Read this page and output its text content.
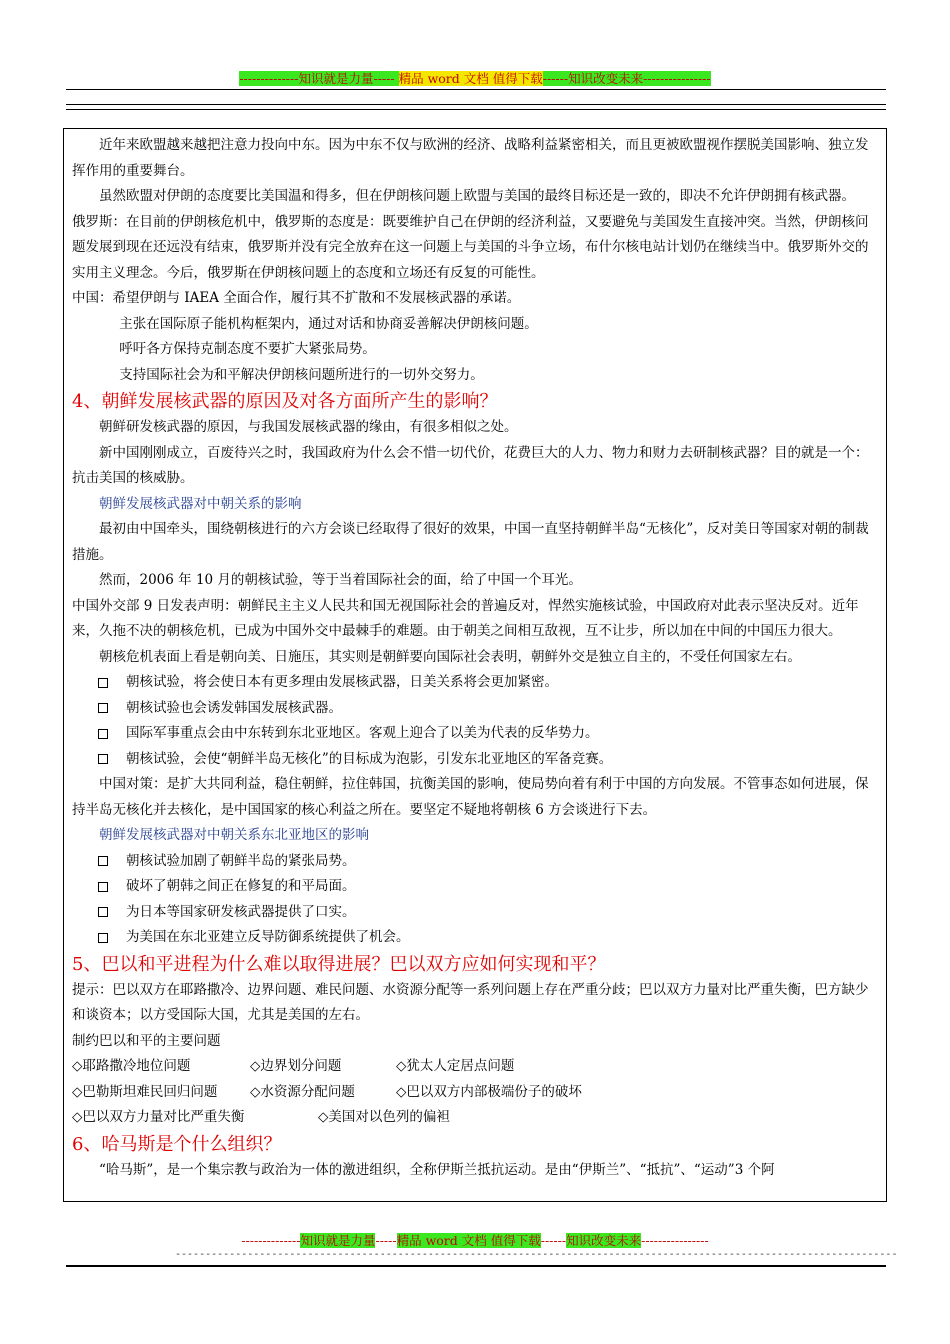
--------------知识就是力量----- 精品 word 文档 值得下载------知识改变未来----------------

近年来欧盟越来越把注意力投向中东。因为中东不仅与欧洲的经济、战略利益紧密相关，而且更被欧盟视作摆脱美国影响、独立发挥作用的重要舞台。

虽然欧盟对伊朗的态度要比美国温和得多，但在伊朗核问题上欧盟与美国的最终目标还是一致的，即决不允许伊朗拥有核武器。

俄罗斯：在目前的伊朗核危机中，俄罗斯的态度是：既要维护自己在伊朗的经济利益，又要避免与美国发生直接冲突。当然，伊朗核问题发展到现在还远没有结束，俄罗斯并没有完全放弃在这一问题上与美国的斗争立场，布什尔核电站计划仍在继续当中。俄罗斯外交的实用主义理念。今后，俄罗斯在伊朗核问题上的态度和立场还有反复的可能性。

中国：希望伊朗与 IAEA 全面合作，履行其不扩散和不发展核武器的承诺。

主张在国际原子能机构框架内，通过对话和协商妥善解决伊朗核问题。

呼吁各方保持克制态度不要扩大紧张局势。

支持国际社会为和平解决伊朗核问题所进行的一切外交努力。

4、朝鲜发展核武器的原因及对各方面所产生的影响？

朝鲜研发核武器的原因，与我国发展核武器的缘由，有很多相似之处。

新中国刚刚成立，百废待兴之时，我国政府为什么会不惜一切代价，花费巨大的人力、物力和财力去研制核武器？目的就是一个：抗击美国的核威胁。

朝鲜发展核武器对中朝关系的影响

最初由中国牵头，围绕朝核进行的六方会谈已经取得了很好的效果，中国一直坚持朝鲜半岛“无核化”，反对美日等国家对朝的制裁措施。

然而，2006 年 10 月的朝核试验，等于当着国际社会的面，给了中国一个耳光。

中国外交部 9 日发表声明：朝鲜民主主义人民共和国无视国际社会的普遍反对，悍然实施核试验，中国政府对此表示坚决反对。近年来，久拖不决的朝核危机，已成为中国外交中最棘手的难题。由于朝美之间相互敌视，互不让步，所以加在中间的中国压力很大。

朝核危机表面上看是朝向美、日施压，其实则是朝鲜要向国际社会表明，朝鲜外交是独立自主的，不受任何国家左右。

朝核试验，将会使日本有更多理由发展核武器，日美关系将会更加紧密。
朝核试验也会诱发韩国发展核武器。
国际军事重点会由中东转到东北亚地区。客观上迎合了以美为代表的反华势力。
朝核试验，会使“朝鲜半岛无核化”的目标成为泡影，引发东北亚地区的军备竞赛。

中国对策：是扩大共同利益，稳住朝鲜，拉住韩国，抗衡美国的影响，使局势向着有利于中国的方向发展。不管事态如何进展，保持半岛无核化并去核化，是中国国家的核心利益之所在。要坚定不疑地将朝核 6 方会谈进行下去。

朝鲜发展核武器对中朝关系东北亚地区的影响

朝核试验加剧了朝鲜半岛的紧张局势。
破坏了朝韩之间正在修复的和平局面。
为日本等国家研发核武器提供了口实。
为美国在东北亚建立反导防御系统提供了机会。
5、巴以和平进程为什么难以取得进展？巴以双方应如何实现和平？

提示：巴以双方在耶路撒冷、边界问题、难民问题、水资源分配等一系列问题上存在严重分歧；巴以双方力量对比严重失衡，巴方缺少和谈资本；以方受国际大国，尤其是美国的左右。

制约巴以和平的主要问题

◇耶路撒冷地位问题	◇边界划分问题	◇犹太人定居点问题

◇巴勒斯坦难民回归问题 ◇水资源分配问题	◇巴以双方内部极端份子的破坏

◇巴以双方力量对比严重失衡	◇美国对以色列的偏袒

6、哈马斯是个什么组织？

“哈马斯”，是一个集宗教与政治为一体的激进组织，全称伊斯兰抵抗运动。是由“伊斯兰”、“抵抗”、“运动”3 个阿

--------------知识就是力量-----精品 word 文档 值得下载------知识改变未来----------------
------------------------------------------------------------------------------------------------------------------------
